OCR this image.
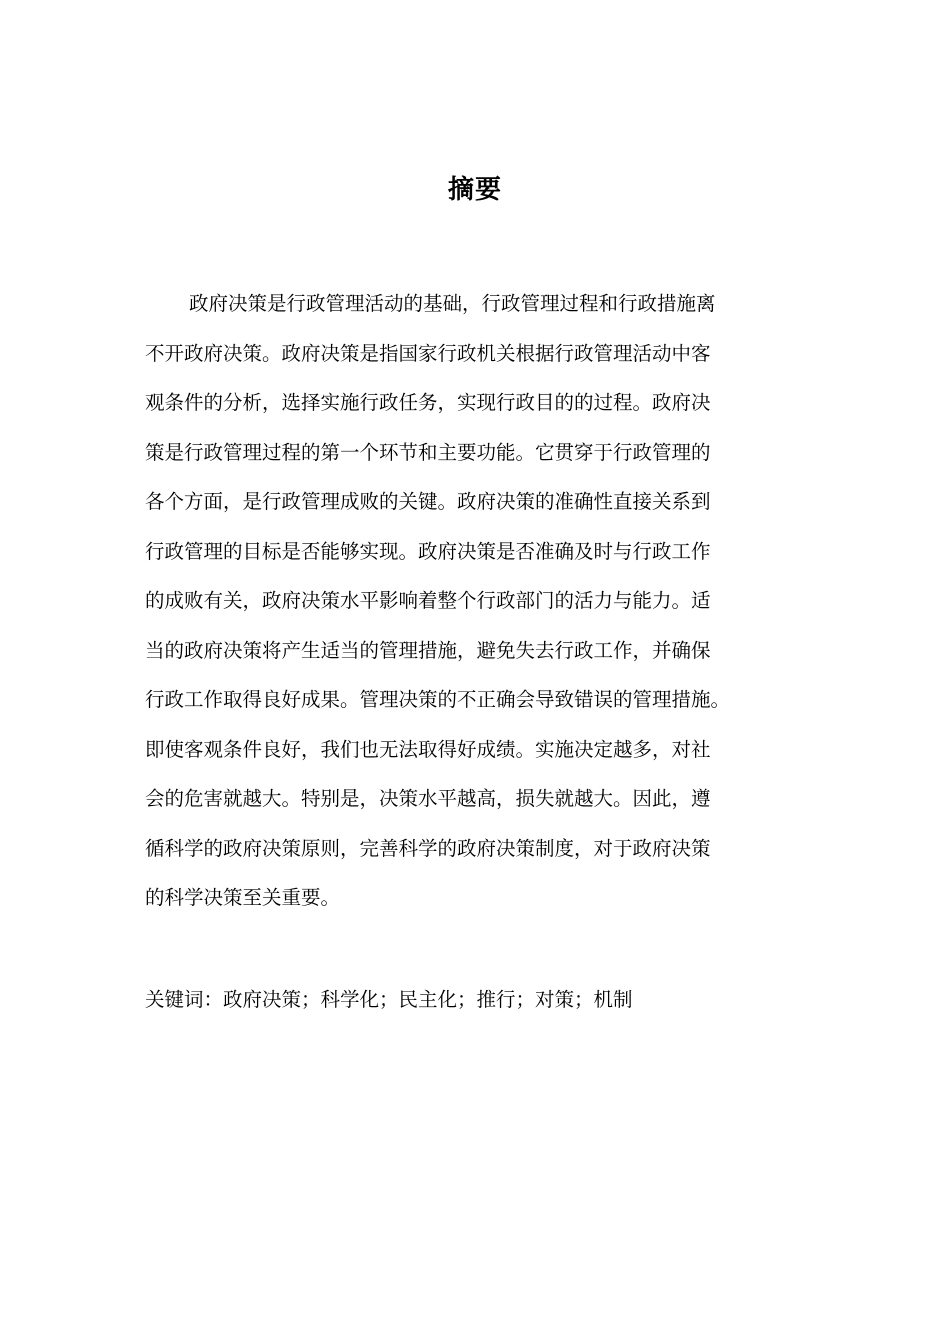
摘要
政府决策是行政管理活动的基础，行政管理过程和行政措施离
不开政府决策。政府决策是指国家行政机关根据行政管理活动中客
观条件的分析，选择实施行政任务，实现行政目的的过程。政府决
策是行政管理过程的第一个环节和主要功能。它贯穿于行政管理的
各个方面，是行政管理成败的关键。政府决策的准确性直接关系到
行政管理的目标是否能够实现。政府决策是否准确及时与行政工作
的成败有关，政府决策水平影响着整个行政部门的活力与能力。适
当的政府决策将产生适当的管理措施，避免失去行政工作，并确保
行政工作取得良好成果。管理决策的不正确会导致错误的管理措施。
即使客观条件良好，我们也无法取得好成绩。实施决定越多，对社
会的危害就越大。特别是，决策水平越高，损失就越大。因此，遵
循科学的政府决策原则，完善科学的政府决策制度，对于政府决策
的科学决策至关重要。
关键词：政府决策；科学化；民主化；推行；对策；机制
